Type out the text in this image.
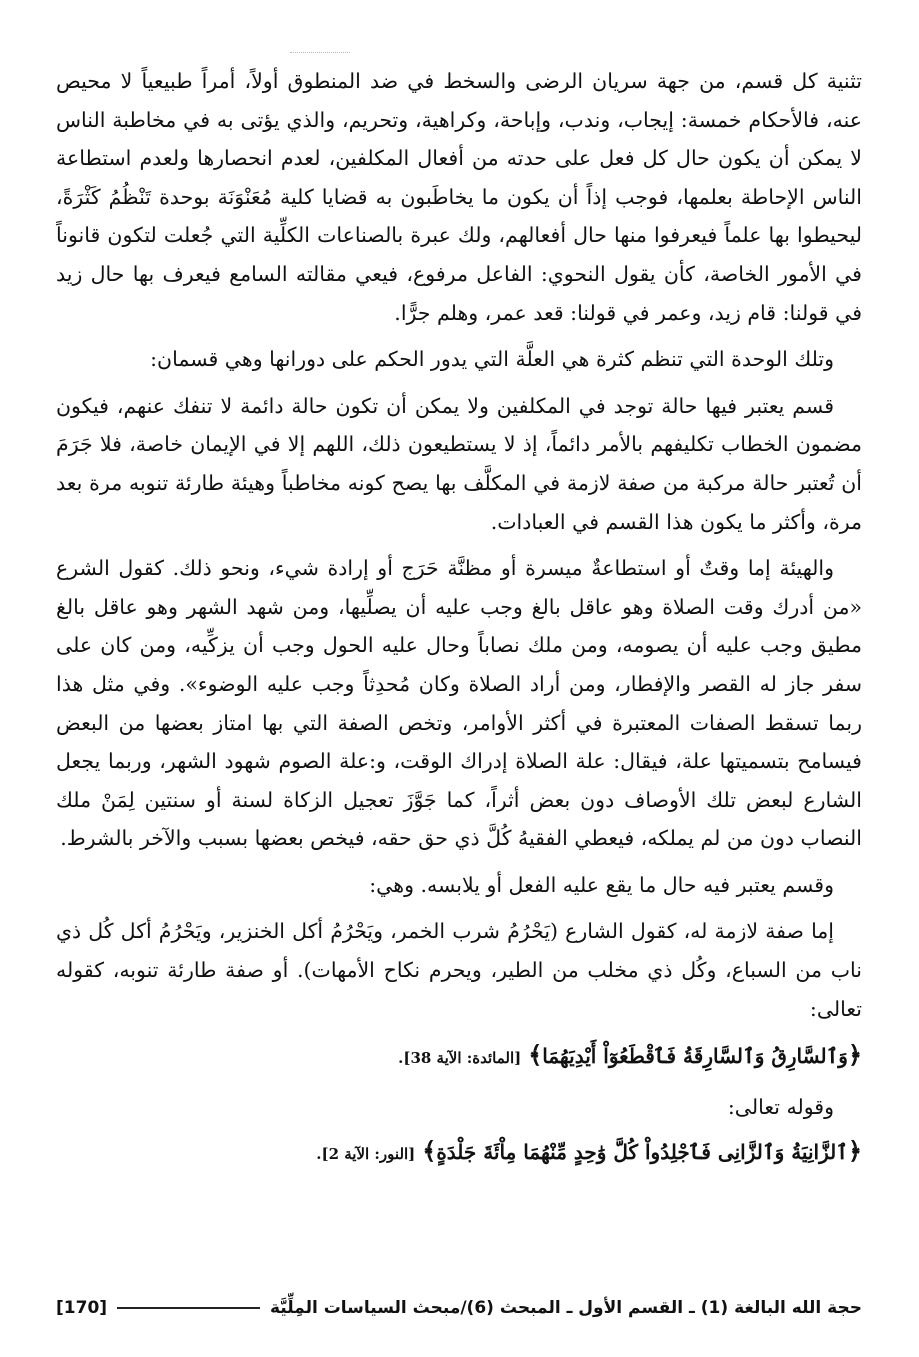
تثنية كل قسم، من جهة سريان الرضى والسخط في ضد المنطوق أولاً، أمراً طبيعياً لا محيص عنه، فالأحكام خمسة: إيجاب، وندب، وإباحة، وكراهية، وتحريم، والذي يؤتى به في مخاطبة الناس لا يمكن أن يكون حال كل فعل على حدته من أفعال المكلفين، لعدم انحصارها ولعدم استطاعة الناس الإحاطة بعلمها، فوجب إذاً أن يكون ما يخاطَبون به قضايا كلية مُعَنْوَنَة بوحدة تَنْظُمُ كَثْرَةً، ليحيطوا بها علماً فيعرفوا منها حال أفعالهم، ولك عبرة بالصناعات الكلِّية التي جُعلت لتكون قانوناً في الأمور الخاصة، كأن يقول النحوي: الفاعل مرفوع، فيعي مقالته السامع فيعرف بها حال زيد في قولنا: قام زيد، وعمر في قولنا: قعد عمر، وهلم جرًّا.

وتلك الوحدة التي تنظم كثرة هي العلَّة التي يدور الحكم على دورانها وهي قسمان:

قسم يعتبر فيها حالة توجد في المكلفين ولا يمكن أن تكون حالة دائمة لا تنفك عنهم، فيكون مضمون الخطاب تكليفهم بالأمر دائماً، إذ لا يستطيعون ذلك، اللهم إلا في الإيمان خاصة، فلا جَرَمَ أن تُعتبر حالة مركبة من صفة لازمة في المكلَّف بها يصح كونه مخاطباً وهيئة طارئة تنوبه مرة بعد مرة، وأكثر ما يكون هذا القسم في العبادات.

والهيئة إما وقتٌ أو استطاعةٌ ميسرة أو مظنَّة حَرَج أو إرادة شيء، ونحو ذلك. كقول الشرع «من أدرك وقت الصلاة وهو عاقل بالغ وجب عليه أن يصلِّيها، ومن شهد الشهر وهو عاقل بالغ مطيق وجب عليه أن يصومه، ومن ملك نصاباً وحال عليه الحول وجب أن يزكِّيه، ومن كان على سفر جاز له القصر والإفطار، ومن أراد الصلاة وكان مُحدِثاً وجب عليه الوضوء». وفي مثل هذا ربما تسقط الصفات المعتبرة في أكثر الأوامر، وتخص الصفة التي بها امتاز بعضها من البعض فيسامح بتسميتها علة، فيقال: علة الصلاة إدراك الوقت، و:علة الصوم شهود الشهر، وربما يجعل الشارع لبعض تلك الأوصاف دون بعض أثراً، كما جَوَّزَ تعجيل الزكاة لسنة أو سنتين لِمَنْ ملك النصاب دون من لم يملكه، فيعطي الفقيهُ كُلَّ ذي حق حقه، فيخص بعضها بسبب والآخر بالشرط.

وقسم يعتبر فيه حال ما يقع عليه الفعل أو يلابسه. وهي:

إما صفة لازمة له، كقول الشارع (يَحْرُمُ شرب الخمر، ويَحْرُمُ أكل الخنزير، ويَحْرُمُ أكل كُل ذي ناب من السباع، وكُل ذي مخلب من الطير، ويحرم نكاح الأمهات). أو صفة طارئة تنوبه، كقوله تعالى:

﴿وَٱلسَّارِقُ وَٱلسَّارِقَةُ فَٱقْطَعُوٓاْ أَيْدِيَهُمَا﴾ [المائدة: الآية 38].

وقوله تعالى:

﴿ٱلزَّانِيَةُ وَٱلزَّانِى فَٱجْلِدُواْ كُلَّ وَٰحِدٍ مِّنْهُمَا مِاْئَةَ جَلْدَةٍ﴾ [النور: الآية 2].

حجة الله البالغة (1) ـ القسم الأول ـ المبحث (6)/مبحث السياسات المِلِّيَّة
[170]
